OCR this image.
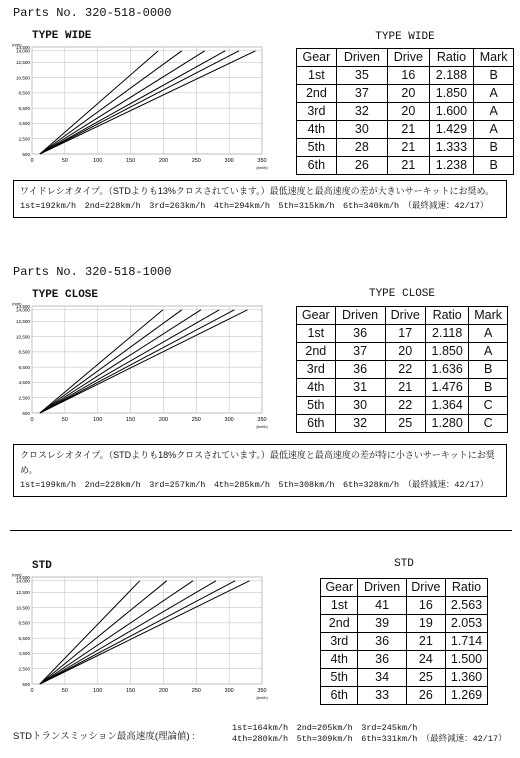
Parts No. 320-518-0000
TYPE WIDE
0	50	100	150	200	250	300	350
500
2,500
4,500
6,500
8,500
10,500
12,500
14,000
14,500
(rpm)
(km/h)
TYPE WIDE
Gear	Driven	Drive	Ratio	Mark
1st	35	16	2.188	B
2nd	37	20	1.850	A
3rd	32	20	1.600	A
4th	30	21	1.429	A
5th	28	21	1.333	B
6th	26	21	1.238	B
ワイドレシオタイプ。（STDよりも13%クロスされています。）最低速度と最高速度の差が大きいサーキットにお奨め。
1st=192km/h　2nd=228km/h　3rd=263km/h　4th=294km/h　5th=315km/h　6th=340km/h　（最終減速：42/17）
Parts No. 320-518-1000
TYPE CLOSE
0	50	100	150	200	250	300	350
500
2,500
4,500
6,500
8,500
10,500
12,500
14,000
14,500
(rpm)
(km/h)
TYPE CLOSE
Gear	Driven	Drive	Ratio	Mark
1st	36	17	2.118	A
2nd	37	20	1.850	A
3rd	36	22	1.636	B
4th	31	21	1.476	B
5th	30	22	1.364	C
6th	32	25	1.280	C
クロスレシオタイプ。（STDよりも18%クロスされています。）最低速度と最高速度の差が特に小さいサーキットにお奨め。
1st=199km/h　2nd=228km/h　3rd=257km/h　4th=285km/h　5th=308km/h　6th=328km/h　（最終減速：42/17）
STD
0	50	100	150	200	250	300	350
500
2,500
4,500
6,500
8,500
10,500
12,500
14,000
14,500
(rpm)
(km/h)
STD
Gear	Driven	Drive	Ratio
1st	41	16	2.563
2nd	39	19	2.053
3rd	36	21	1.714
4th	36	24	1.500
5th	34	25	1.360
6th	33	26	1.269
STDトランスミッション最高速度(理論値) :
1st=164km/h　2nd=205km/h　3rd=245km/h
4th=280km/h　5th=309km/h　6th=331km/h　（最終減速：42/17）
